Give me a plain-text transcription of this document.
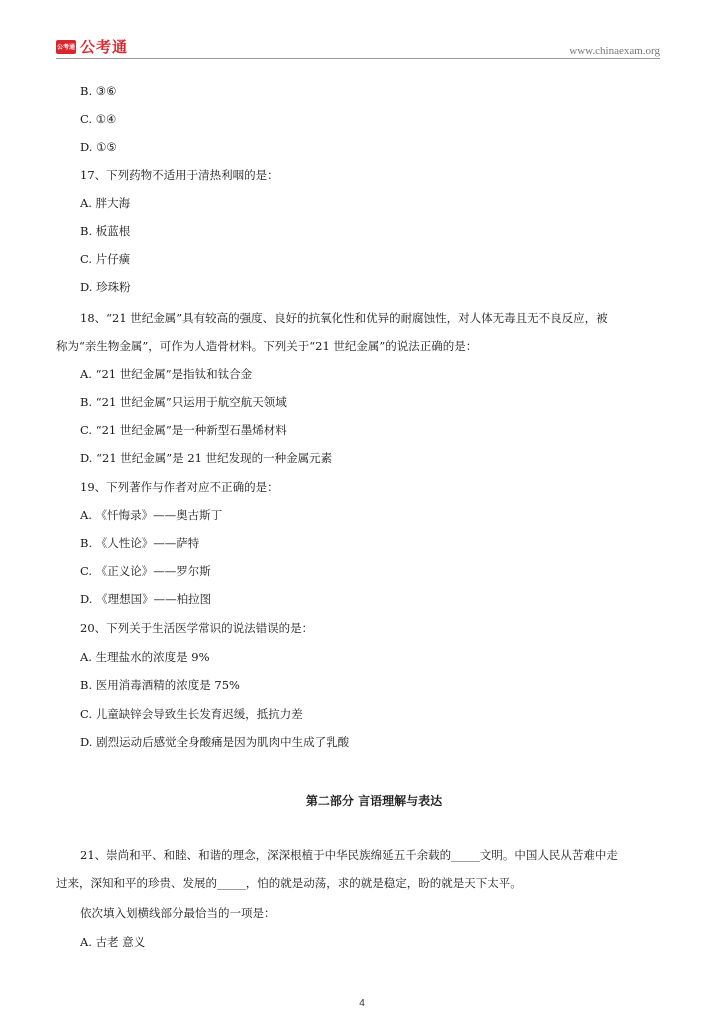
公考通 公考通	www.chinaexam.org
B. ③⑥
C. ①④
D. ①⑤
17、下列药物不适用于清热利咽的是：
A. 胖大海
B. 板蓝根
C. 片仔癀
D. 珍珠粉
18、“21 世纪金属”具有较高的强度、良好的抗氧化性和优异的耐腐蚀性，对人体无毒且无不良反应，被
称为“亲生物金属”，可作为人造骨材料。下列关于“21 世纪金属”的说法正确的是：
A. “21 世纪金属”是指钛和钛合金
B. “21 世纪金属”只运用于航空航天领域
C. “21 世纪金属”是一种新型石墨烯材料
D. “21 世纪金属”是 21 世纪发现的一种金属元素
19、下列著作与作者对应不正确的是：
A. 《忏悔录》——奥古斯丁
B. 《人性论》——萨特
C. 《正义论》——罗尔斯
D. 《理想国》——柏拉图
20、下列关于生活医学常识的说法错误的是：
A. 生理盐水的浓度是 9%
B. 医用消毒酒精的浓度是 75%
C. 儿童缺锌会导致生长发育迟缓，抵抗力差
D. 剧烈运动后感觉全身酸痛是因为肌肉中生成了乳酸
第二部分 言语理解与表达
21、崇尚和平、和睦、和谐的理念，深深根植于中华民族绵延五千余载的_____文明。中国人民从苦难中走
过来，深知和平的珍贵、发展的_____，怕的就是动荡，求的就是稳定，盼的就是天下太平。
依次填入划横线部分最恰当的一项是：
A. 古老 意义
4
